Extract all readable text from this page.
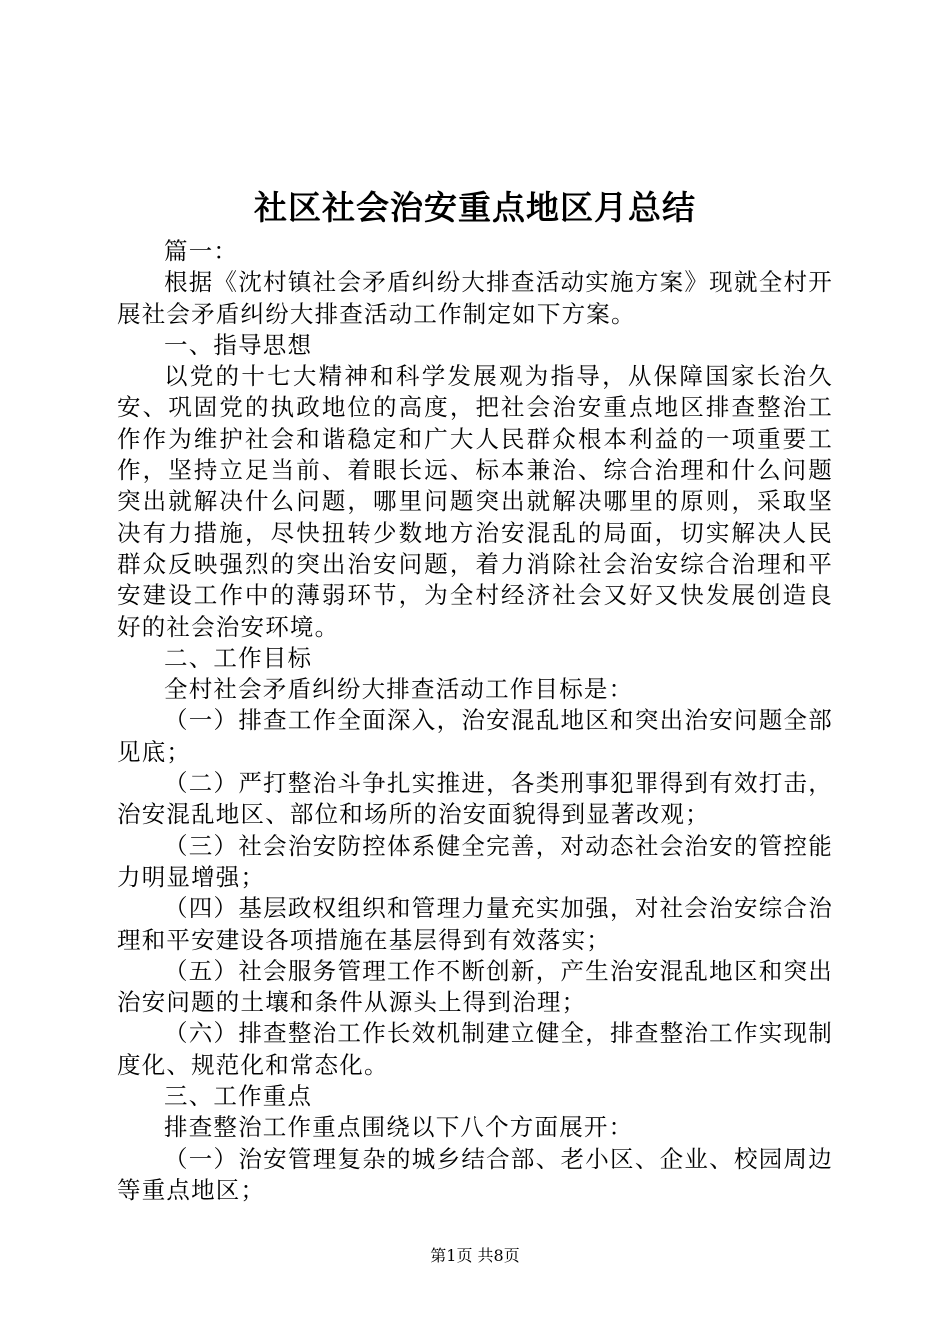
社区社会治安重点地区月总结

篇一：

根据《沈村镇社会矛盾纠纷大排查活动实施方案》现就全村开展社会矛盾纠纷大排查活动工作制定如下方案。

一、指导思想

以党的十七大精神和科学发展观为指导，从保障国家长治久安、巩固党的执政地位的高度，把社会治安重点地区排查整治工作作为维护社会和谐稳定和广大人民群众根本利益的一项重要工作，坚持立足当前、着眼长远、标本兼治、综合治理和什么问题突出就解决什么问题，哪里问题突出就解决哪里的原则，采取坚决有力措施，尽快扭转少数地方治安混乱的局面，切实解决人民群众反映强烈的突出治安问题，着力消除社会治安综合治理和平安建设工作中的薄弱环节，为全村经济社会又好又快发展创造良好的社会治安环境。

二、工作目标

全村社会矛盾纠纷大排查活动工作目标是：

（一）排查工作全面深入，治安混乱地区和突出治安问题全部见底；

（二）严打整治斗争扎实推进，各类刑事犯罪得到有效打击，治安混乱地区、部位和场所的治安面貌得到显著改观；

（三）社会治安防控体系健全完善，对动态社会治安的管控能力明显增强；

（四）基层政权组织和管理力量充实加强，对社会治安综合治理和平安建设各项措施在基层得到有效落实；

（五）社会服务管理工作不断创新，产生治安混乱地区和突出治安问题的土壤和条件从源头上得到治理；

（六）排查整治工作长效机制建立健全，排查整治工作实现制度化、规范化和常态化。

三、工作重点

排查整治工作重点围绕以下八个方面展开：

（一）治安管理复杂的城乡结合部、老小区、企业、校园周边等重点地区；

第1页 共8页
